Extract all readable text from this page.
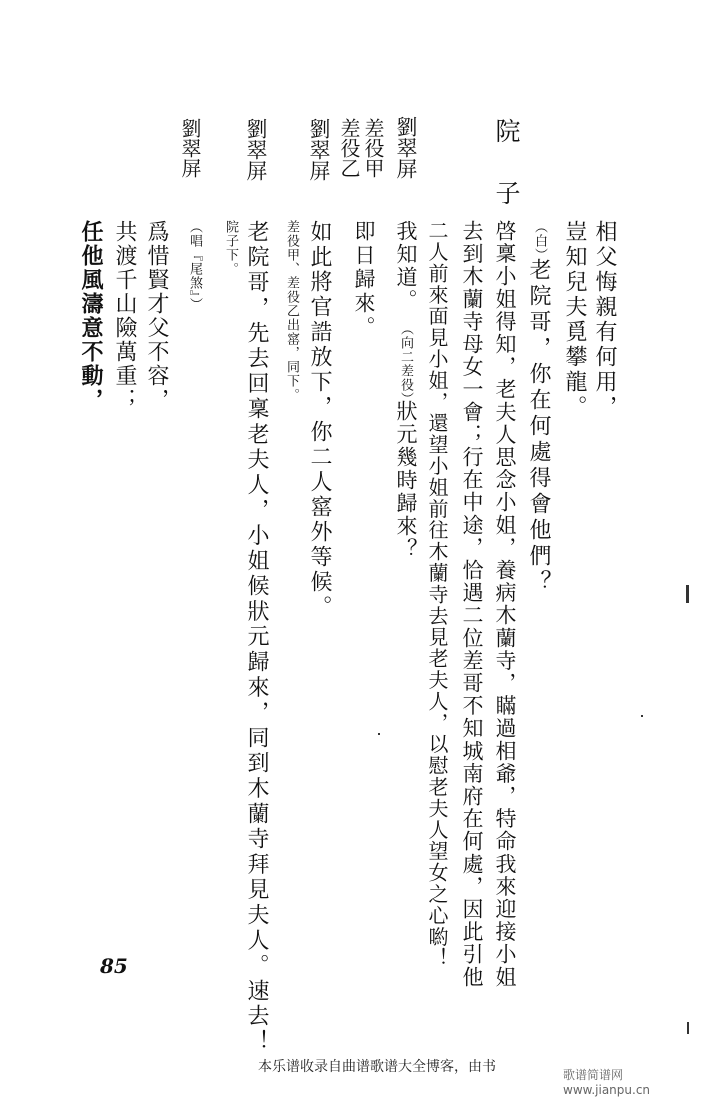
院　子
劉翠屏
差役甲
差役乙
劉翠屏
劉翠屏
劉翠屏
相父悔親有何用，
豈知兒夫覓攀龍。
（白）
老院哥，你在何處得會他們？
啓稟小姐得知，老夫人思念小姐，養病木蘭寺，瞞過相爺，特命我來迎接小姐
去到木蘭寺母女一會；行在中途，恰遇二位差哥不知城南府在何處，因此引他
二人前來面見小姐，還望小姐前往木蘭寺去見老夫人，以慰老夫人望女之心喲！
我知道。
（向二差役）
狀元幾時歸來？
即日歸來。
如此將官誥放下，你二人窰外等候。
差役甲、差役乙出窰，同下。
老院哥，先去回稟老夫人，小姐候狀元歸來，同到木蘭寺拜見夫人。速去！
院子下。
（唱『尾煞』）
爲惜賢才父不容，
共渡千山險萬重；
任他風濤意不動，
85
本乐谱收录自曲谱歌谱大全博客，由书	歌谱简谱网 www.jianpu.cn
